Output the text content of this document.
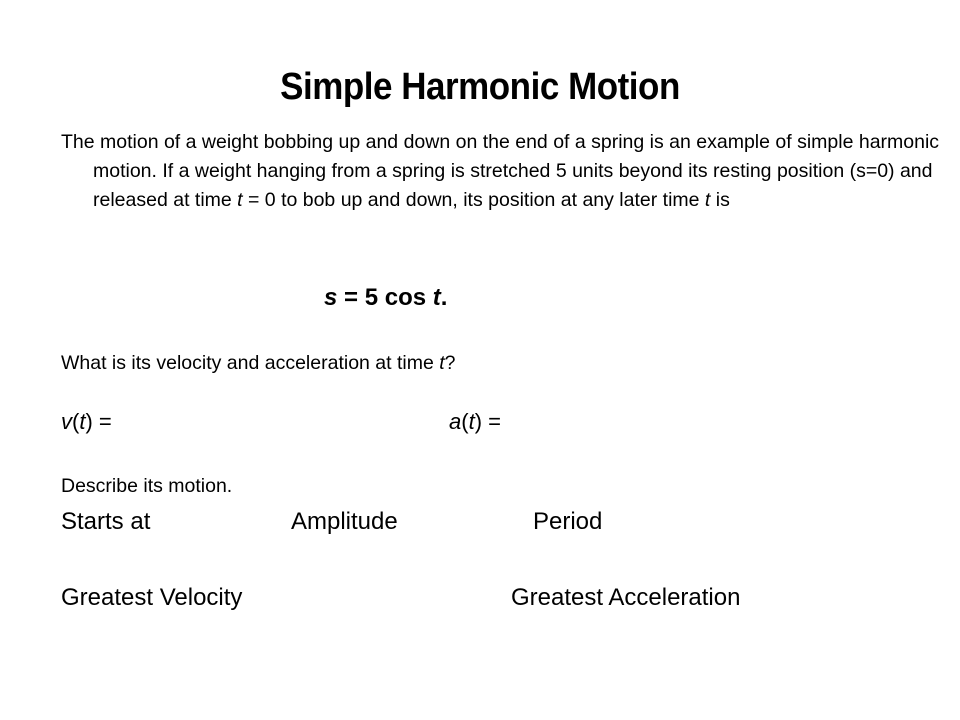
Simple Harmonic Motion

The motion of a weight bobbing up and down on the end of a spring is an example of simple harmonic motion. If a weight hanging from a spring is stretched 5 units beyond its resting position (s=0) and released at time t = 0 to bob up and down, its position at any later time t is

s = 5 cos t.
What is its velocity and acceleration at time t?
v(t) =	a(t) =
Describe its motion.
Starts at	Amplitude	Period
Greatest Velocity	Greatest Acceleration
